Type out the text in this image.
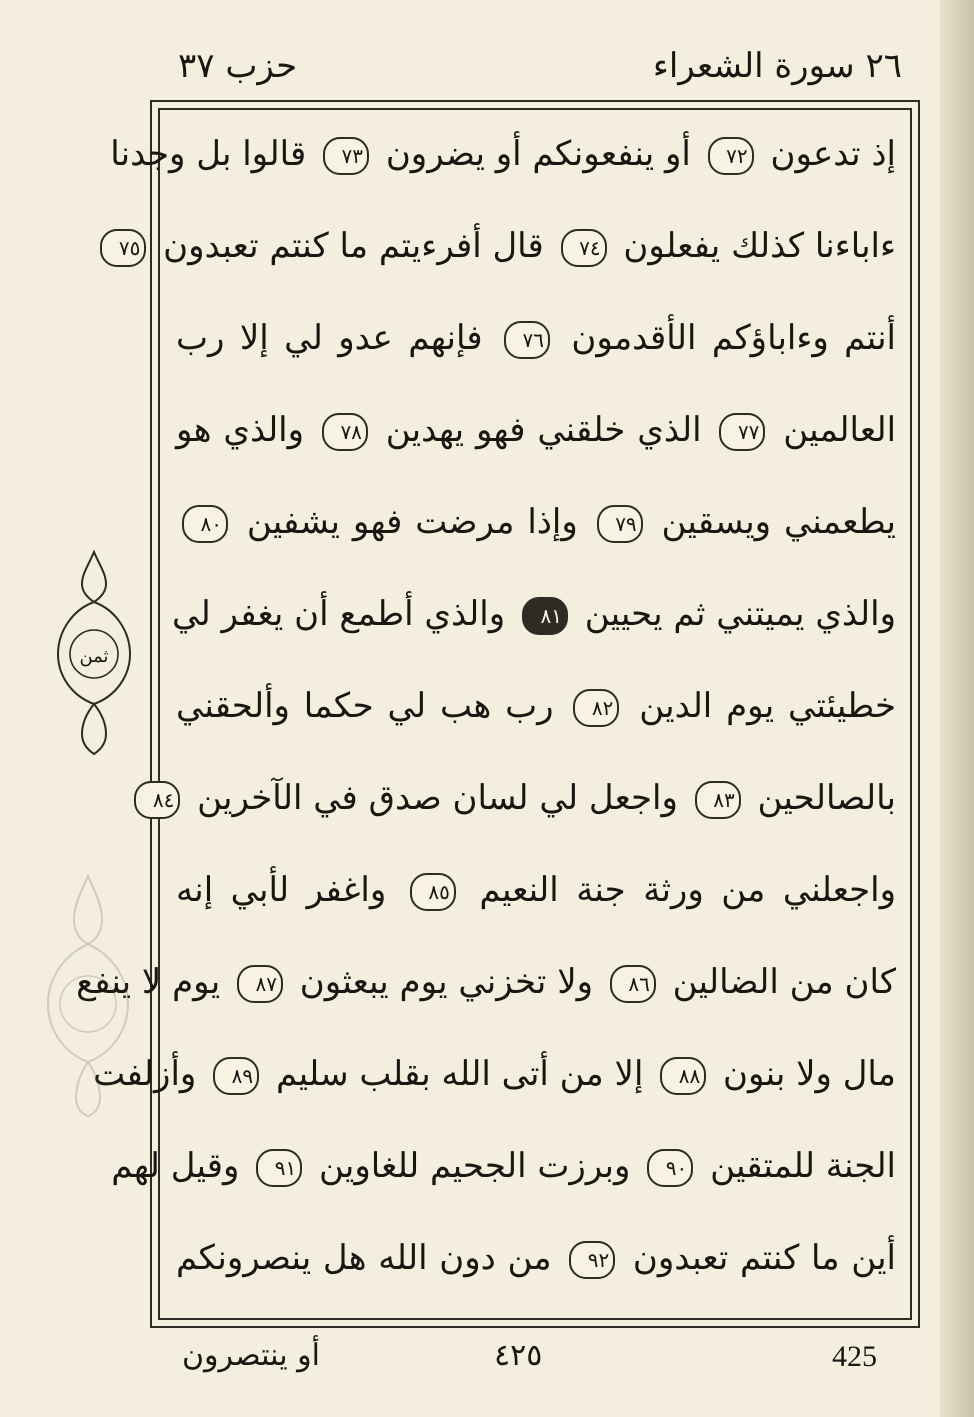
حزب ٣٧	٢٦ سورة الشعراء
إذ تدعون ٧٢ أو ينفعونكم أو يضرون ٧٣ قالوا بل وجدنا
ءاباءنا كذلك يفعلون ٧٤ قال أفرءيتم ما كنتم تعبدون ٧٥
أنتم وءاباؤكم الأقدمون ٧٦ فإنهم عدو لي إلا رب
العالمين ٧٧ الذي خلقني فهو يهدين ٧٨ والذي هو
يطعمني ويسقين ٧٩ وإذا مرضت فهو يشفين ٨٠
والذي يميتني ثم يحيين ٨١ والذي أطمع أن يغفر لي
خطيئتي يوم الدين ٨٢ رب هب لي حكما وألحقني
بالصالحين ٨٣ واجعل لي لسان صدق في الآخرين ٨٤
واجعلني من ورثة جنة النعيم ٨٥ واغفر لأبي إنه
كان من الضالين ٨٦ ولا تخزني يوم يبعثون ٨٧ يوم لا ينفع
مال ولا بنون ٨٨ إلا من أتى الله بقلب سليم ٨٩ وأزلفت
الجنة للمتقين ٩٠ وبرزت الجحيم للغاوين ٩١ وقيل لهم
أين ما كنتم تعبدون ٩٢ من دون الله هل ينصرونكم
ثمن
أو ينتصرون	٤٢٥	425
